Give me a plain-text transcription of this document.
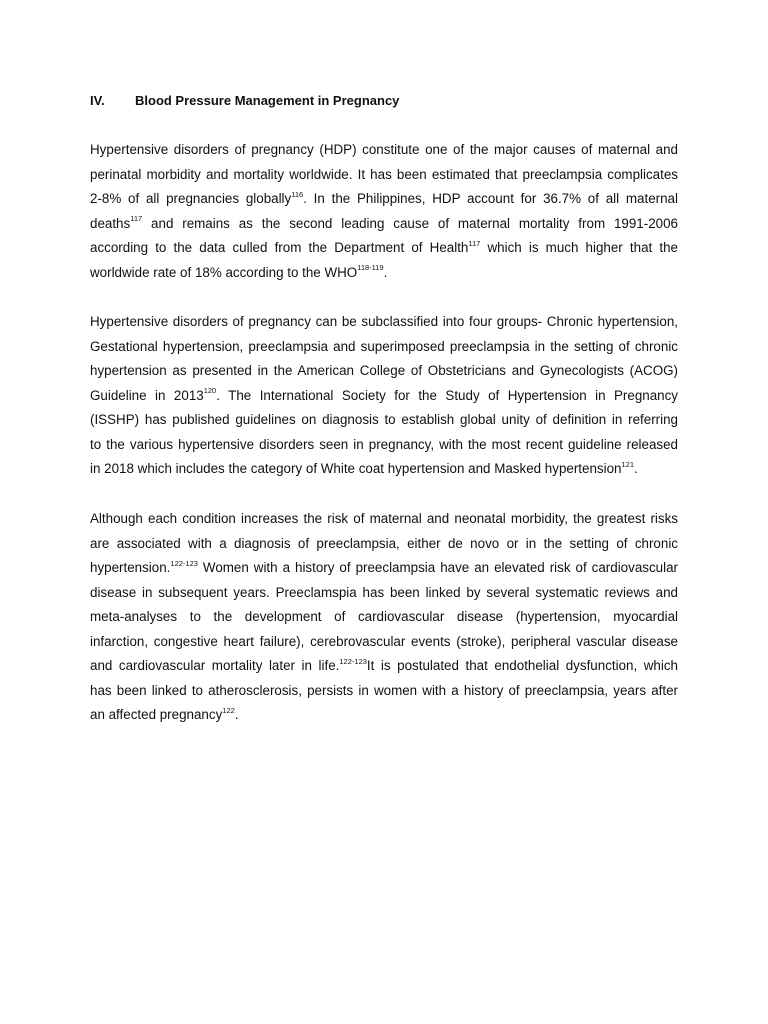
IV. Blood Pressure Management in Pregnancy
Hypertensive disorders of pregnancy (HDP) constitute one of the major causes of maternal and
perinatal morbidity and mortality worldwide. It has been estimated that preeclampsia complicates
2-8% of all pregnancies globally$^{116}$. In the Philippines, HDP account for 36.7% of all maternal
deaths$^{117}$ and remains as the second leading cause of maternal mortality from 1991-2006
according to the data culled from the Department of Health$^{117}$ which is much higher that the
worldwide rate of 18% according to the WHO$^{118-119}$.
Hypertensive disorders of pregnancy can be subclassified into four groups- Chronic hypertension,
Gestational hypertension, preeclampsia and superimposed preeclampsia in the setting of chronic
hypertension as presented in the American College of Obstetricians and Gynecologists (ACOG)
Guideline in 2013$^{120}$. The International Society for the Study of Hypertension in Pregnancy
(ISSHP) has published guidelines on diagnosis to establish global unity of definition in referring
to the various hypertensive disorders seen in pregnancy, with the most recent guideline released
in 2018 which includes the category of White coat hypertension and Masked hypertension$^{121}$.
Although each condition increases the risk of maternal and neonatal morbidity, the greatest risks
are associated with a diagnosis of preeclampsia, either de novo or in the setting of chronic
hypertension.$^{122-123}$ Women with a history of preeclampsia have an elevated risk of cardiovascular
disease in subsequent years. Preeclamspia has been linked by several systematic reviews and
meta-analyses to the development of cardiovascular disease (hypertension, myocardial
infarction, congestive heart failure), cerebrovascular events (stroke), peripheral vascular disease
and cardiovascular mortality later in life.$^{122-123}$It is postulated that endothelial dysfunction, which
has been linked to atherosclerosis, persists in women with a history of preeclampsia, years after
an affected pregnancy$^{122}$.
